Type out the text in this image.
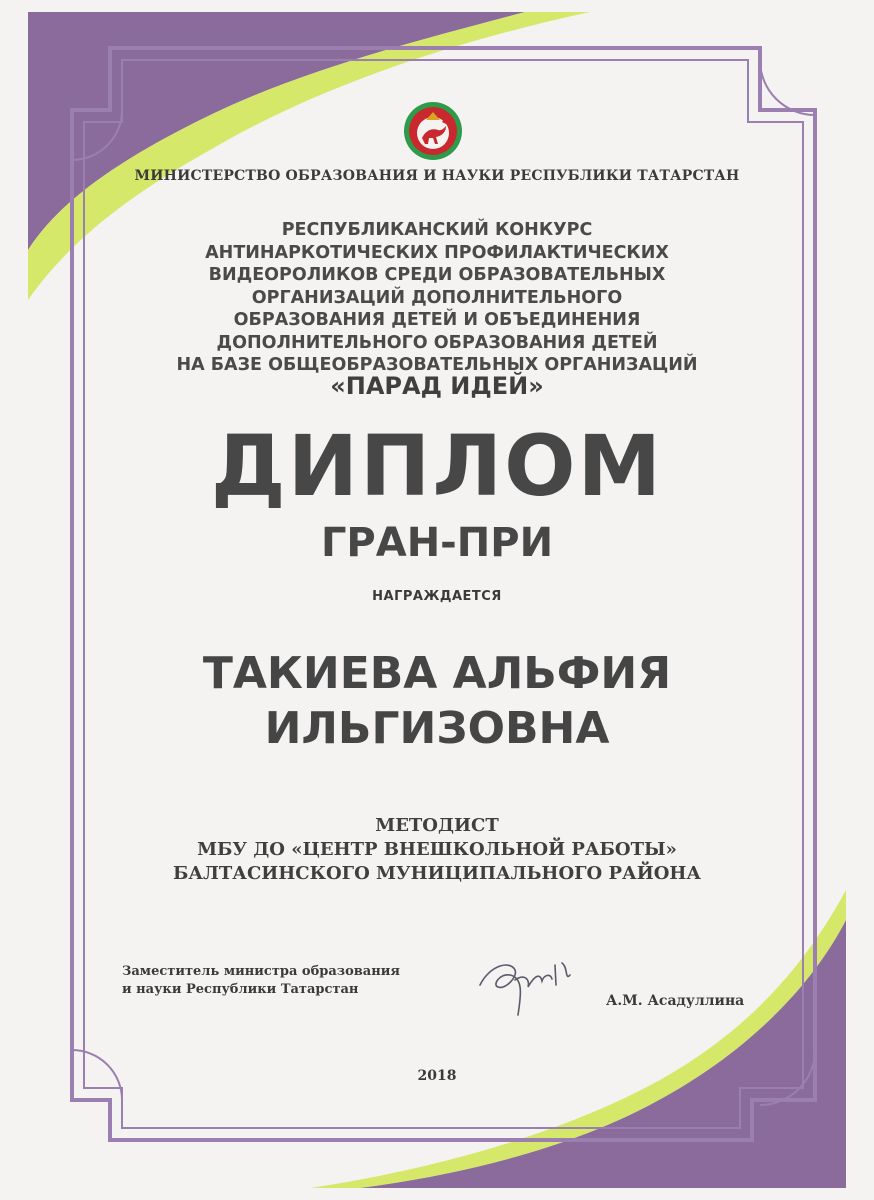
МИНИСТЕРСТВО ОБРАЗОВАНИЯ И НАУКИ РЕСПУБЛИКИ ТАТАРСТАН

РЕСПУБЛИКАНСКИЙ КОНКУРС
АНТИНАРКОТИЧЕСКИХ ПРОФИЛАКТИЧЕСКИХ
ВИДЕОРОЛИКОВ СРЕДИ ОБРАЗОВАТЕЛЬНЫХ
ОРГАНИЗАЦИЙ ДОПОЛНИТЕЛЬНОГО
ОБРАЗОВАНИЯ ДЕТЕЙ И ОБЪЕДИНЕНИЯ
ДОПОЛНИТЕЛЬНОГО ОБРАЗОВАНИЯ ДЕТЕЙ
НА БАЗЕ ОБЩЕОБРАЗОВАТЕЛЬНЫХ ОРГАНИЗАЦИЙ

«ПАРАД ИДЕЙ»

ДИПЛОМ

ГРАН-ПРИ

НАГРАЖДАЕТСЯ

ТАКИЕВА АЛЬФИЯ
ИЛЬГИЗОВНА
МЕТОДИСТ
МБУ ДО «ЦЕНТР ВНЕШКОЛЬНОЙ РАБОТЫ»
БАЛТАСИНСКОГО МУНИЦИПАЛЬНОГО РАЙОНА
Заместитель министра образования
и науки Республики Татарстан

А.М. Асадуллина

2018
